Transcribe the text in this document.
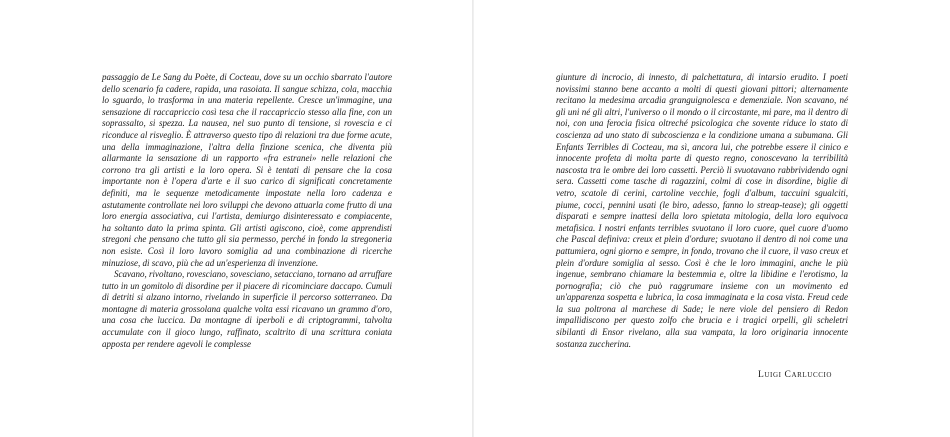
passaggio de Le Sang du Poète, di Cocteau, dove su un occhio sbarrato l'autore dello scenario fa cadere, rapida, una rasoiata. Il sangue schizza, cola, macchia lo sguardo, lo trasforma in una materia repellente. Cresce un'immagine, una sensazione di raccapriccio così tesa che il raccapriccio stesso alla fine, con un soprassalto, si spezza. La nausea, nel suo punto di tensione, si rovescia e ci riconduce al risveglio. È attraverso questo tipo di relazioni tra due forme acute, una della immaginazione, l'altra della finzione scenica, che diventa più allarmante la sensazione di un rapporto «fra estranei» nelle relazioni che corrono tra gli artisti e la loro opera. Si è tentati di pensare che la cosa importante non è l'opera d'arte e il suo carico di significati concretamente definiti, ma le sequenze metodicamente impostate nella loro cadenza e astutamente controllate nei loro sviluppi che devono attuarla come frutto di una loro energia associativa, cui l'artista, demiurgo disinteressato e compiacente, ha soltanto dato la prima spinta. Gli artisti agiscono, cioè, come apprendisti stregoni che pensano che tutto gli sia permesso, perché in fondo la stregoneria non esiste. Così il loro lavoro somiglia ad una combinazione di ricerche minuziose, di scavo, più che ad un'esperienza di invenzione.

Scavano, rivoltano, rovesciano, sovesciano, setacciano, tornano ad arruffare tutto in un gomitolo di disordine per il piacere di ricominciare daccapo. Cumuli di detriti si alzano intorno, rivelando in superficie il percorso sotterraneo. Da montagne di materia grossolana qualche volta essi ricavano un grammo d'oro, una cosa che luccica. Da montagne di iperboli e di criptogrammi, talvolta accumulate con il gioco lungo, raffinato, scaltrito di una scrittura coniata apposta per rendere agevoli le complesse

giunture di incrocio, di innesto, di palchettatura, di intarsio erudito. I poeti novissimi stanno bene accanto a molti di questi giovani pittori; alternamente recitano la medesima arcadia granguignolesca e demenziale. Non scavano, né gli uni né gli altri, l'universo o il mondo o il circostante, mi pare, ma il dentro di noi, con una ferocia fisica oltreché psicologica che sovente riduce lo stato di coscienza ad uno stato di subcoscienza e la condizione umana a subumana. Gli Enfants Terribles di Cocteau, ma sì, ancora lui, che potrebbe essere il cinico e innocente profeta di molta parte di questo regno, conoscevano la terribilità nascosta tra le ombre dei loro cassetti. Perciò li svuotavano rabbrividendo ogni sera. Cassetti come tasche di ragazzini, colmi di cose in disordine, biglie di vetro, scatole di cerini, cartoline vecchie, fogli d'album, taccuini sgualciti, piume, cocci, pennini usati (le biro, adesso, fanno lo streap-tease); gli oggetti disparati e sempre inattesi della loro spietata mitologia, della loro equivoca metafisica. I nostri enfants terribles svuotano il loro cuore, quel cuore d'uomo che Pascal definiva: creux et plein d'ordure; svuotano il dentro di noi come una pattumiera, ogni giorno e sempre, in fondo, trovano che il cuore, il vaso creux et plein d'ordure somiglia al sesso. Così è che le loro immagini, anche le più ingenue, sembrano chiamare la bestemmia e, oltre la libidine e l'erotismo, la pornografia; ciò che può raggrumare insieme con un movimento ed un'apparenza sospetta e lubrica, la cosa immaginata e la cosa vista. Freud cede la sua poltrona al marchese di Sade; le nere viole del pensiero di Redon impallidiscono per questo zolfo che brucia e i tragici orpelli, gli scheletri sibilanti di Ensor rivelano, alla sua vampata, la loro originaria innocente sostanza zuccherina.

Luigi Carluccio
